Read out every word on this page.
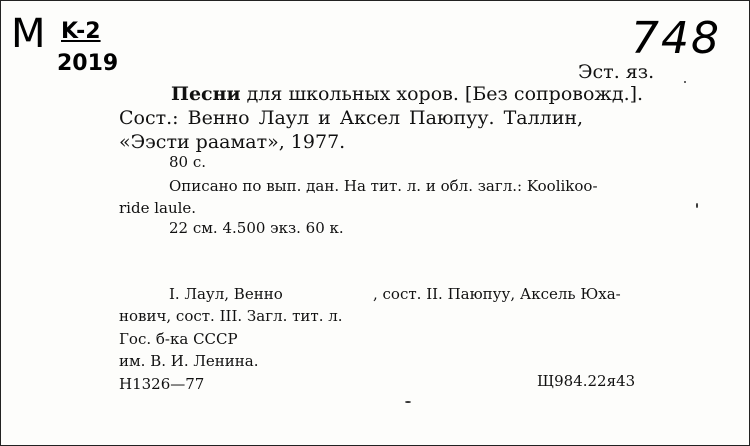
M K-2
2019	748
Эст. яз.
Песни для школьных хоров. [Без сопровожд.].
Сост.: Венно Лаул и Аксел Паюпуу. Таллин,
«Ээсти раамат», 1977.
80 с.
Описано по вып. дан. На тит. л. и обл. загл.: Koolikoo-
ride laule.
22 см. 4.500 экз. 60 к.
I. Лаул, Венно	, сост. II. Паюпуу, Аксель Юха-
нович, сост. III. Загл. тит. л.
Гос. б-ка СССР
им. В. И. Ленина.
Н1326—77	Щ984.22я43
